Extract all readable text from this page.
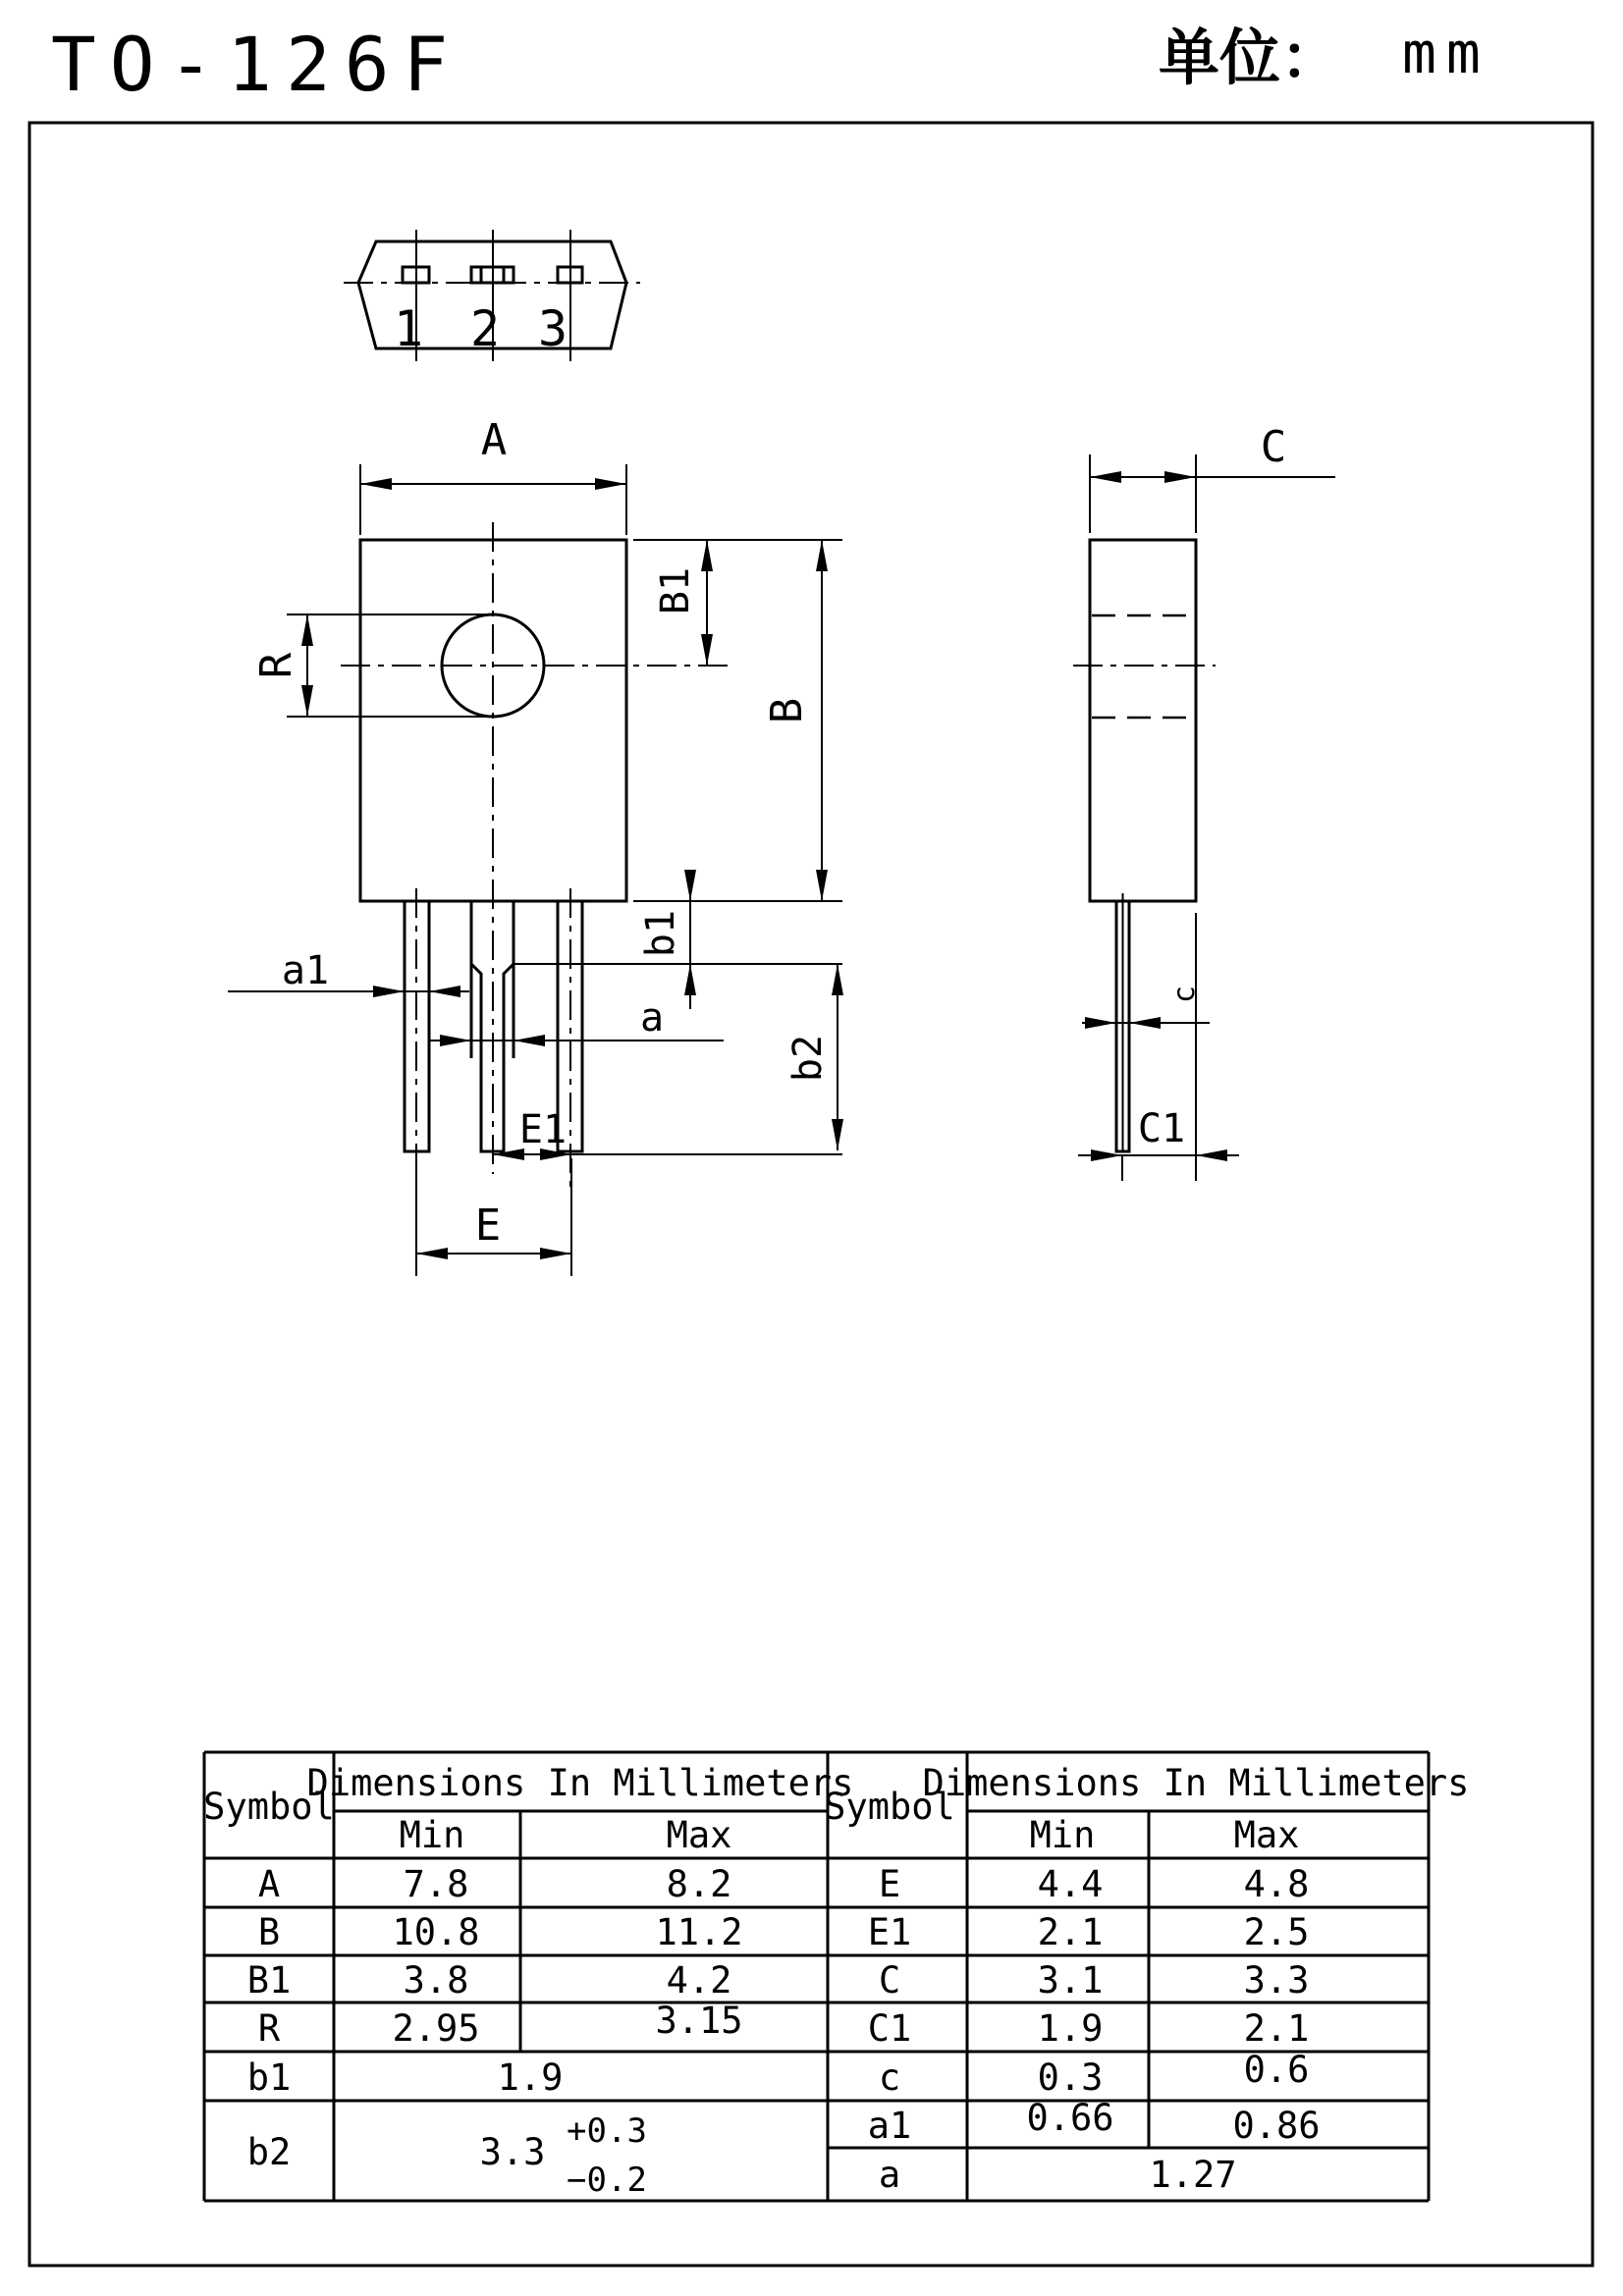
TO-126F	单位： mm
1 2 3
A
R
B1
B
a1
a
b1
b2
E1
E
C
c
C1
Symbol
Dimensions In Millimeters
Min	Max
A	7.8	8.2
B	10.8	11.2
B1	3.8	4.2
R	2.95	3.15
b1	1.9
b2	3.3 +0.3
−0.2
Symbol
Dimensions In Millimeters
Min	Max
E	4.4	4.8
E1	2.1	2.5
C	3.1	3.3
C1	1.9	2.1
c	0.3	0.6
a1	0.66	0.86
a	1.27
